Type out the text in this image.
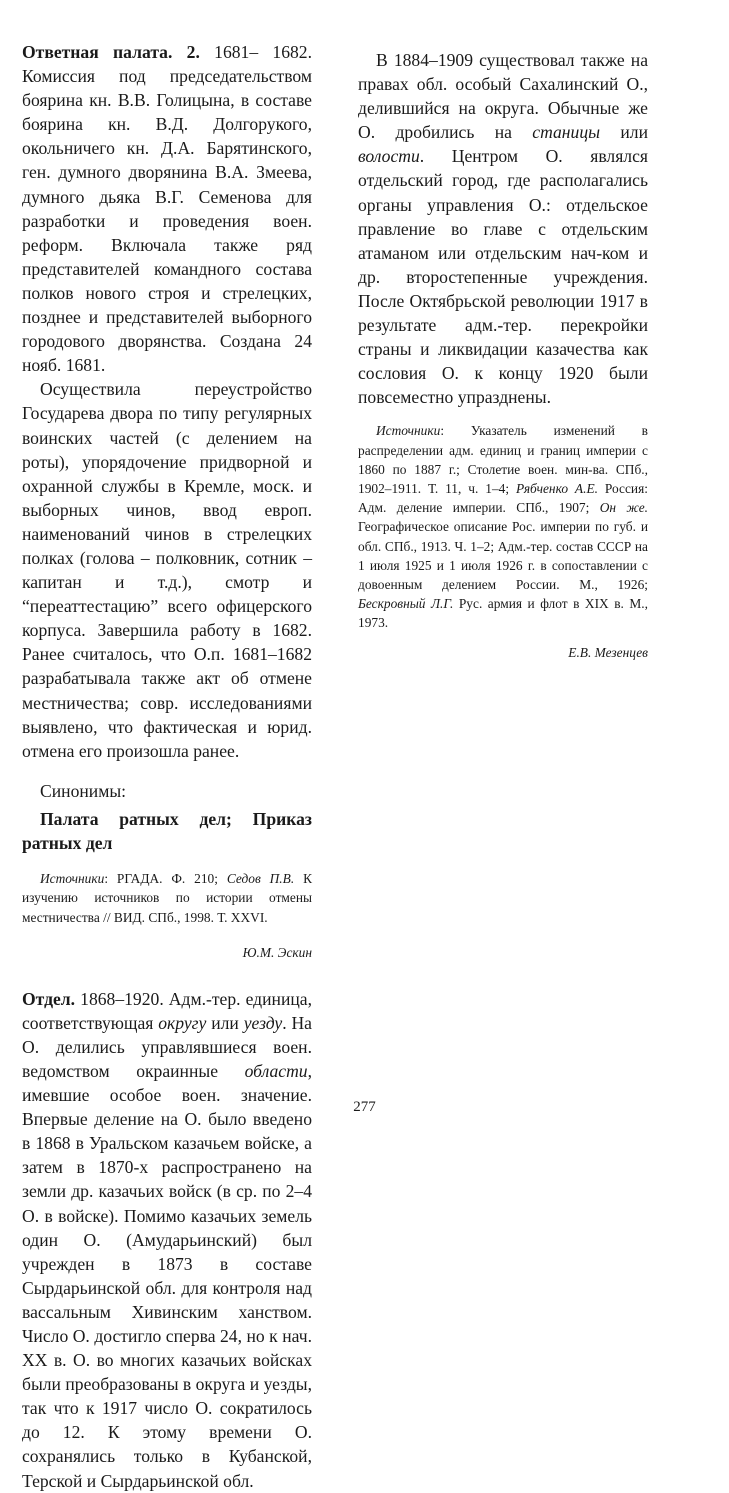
Ответная палата. 2. 1681– 1682. Комиссия под председательством боярина кн. В.В. Голицына, в составе боярина кн. В.Д. Долгорукого, окольничего кн. Д.А. Барятинского, ген. думного дворянина В.А. Змеева, думного дьяка В.Г. Семенова для разработки и проведения воен. реформ. Включала также ряд представителей командного состава полков нового строя и стрелецких, позднее и представителей выборного городового дворянства. Создана 24 нояб. 1681.

Осуществила переустройство Государева двора по типу регулярных воинских частей (с делением на роты), упорядочение придворной и охранной службы в Кремле, моск. и выборных чинов, ввод европ. наименований чинов в стрелецких полках (голова – полковник, сотник – капитан и т.д.), смотр и “переаттестацию” всего офицерского корпуса. Завершила работу в 1682. Ранее считалось, что О.п. 1681–1682 разрабатывала также акт об отмене местничества; совр. исследованиями выявлено, что фактическая и юрид. отмена его произошла ранее.

Синонимы:

Палата ратных дел; Приказ ратных дел

Источники: РГАДА. Ф. 210; Седов П.В. К изучению источников по истории отмены местничества // ВИД. СПб., 1998. Т. XXVI.

Ю.М. Эскин

Отдел. 1868–1920. Адм.-тер. единица, соответствующая округу или уезду. На О. делились управлявшиеся воен. ведомством окраинные области, имевшие особое воен. значение. Впервые деление на О. было введено в 1868 в Уральском казачьем войске, а затем в 1870-х распространено на земли др. казачьих войск (в ср. по 2–4 О. в войске). Помимо казачьих земель один О. (Амударьинский) был учрежден в 1873 в составе Сырдарьинской обл. для контроля над вассальным Хивинским ханством. Число О. достигло сперва 24, но к нач. XX в. О. во многих казачьих войсках были преобразованы в округа и уезды, так что к 1917 число О. сократилось до 12. К этому времени О. сохранялись только в Кубанской, Терской и Сырдарьинской обл.

В 1884–1909 существовал также на правах обл. особый Сахалинский О., делившийся на округа. Обычные же О. дробились на станицы или волости. Центром О. являлся отдельский город, где располагались органы управления О.: отдельское правление во главе с отдельским атаманом или отдельским нач-ком и др. второстепенные учреждения. После Октябрьской революции 1917 в результате адм.-тер. перекройки страны и ликвидации казачества как сословия О. к концу 1920 были повсеместно упразднены.

Источники: Указатель изменений в распределении адм. единиц и границ империи с 1860 по 1887 г.; Столетие воен. мин-ва. СПб., 1902–1911. Т. 11, ч. 1–4; Рябченко А.Е. Россия: Адм. деление империи. СПб., 1907; Он же. Географическое описание Рос. империи по губ. и обл. СПб., 1913. Ч. 1–2; Адм.-тер. состав СССР на 1 июля 1925 и 1 июля 1926 г. в сопоставлении с довоенным делением России. М., 1926; Бескровный Л.Г. Рус. армия и флот в XIX в. М., 1973.

Е.В. Мезенцев

277
